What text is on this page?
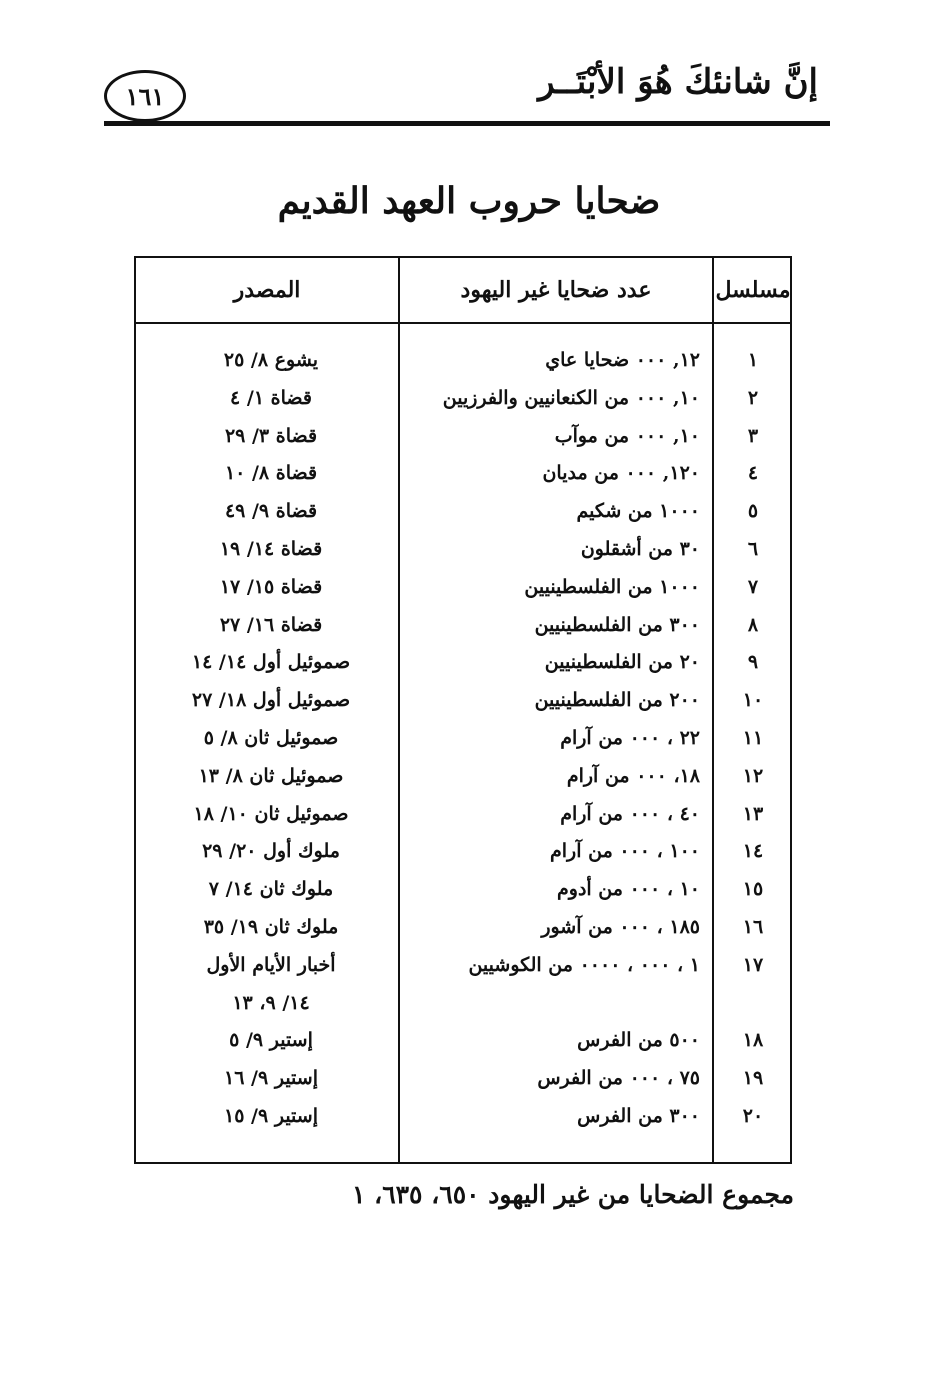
إنَّ شانئكَ هُوَ الأبْتَــر
١٦١
ضحايا حروب العهد القديم
مسلسل
عدد ضحايا غير اليهود
المصدر
١
١٢, ٠٠٠ ضحايا عاي
يشوع ٨/ ٢٥
٢
١٠, ٠٠٠ من الكنعانيين والفرزيين
قضاة ١/ ٤
٣
١٠, ٠٠٠ من موآب
قضاة ٣/ ٢٩
٤
١٢٠, ٠٠٠ من مديان
قضاة ٨/ ١٠
٥
١٠٠٠ من شكيم
قضاة ٩/ ٤٩
٦
٣٠ من أشقلون
قضاة ١٤/ ١٩
٧
١٠٠٠ من الفلسطينيين
قضاة ١٥/ ١٧
٨
٣٠٠ من الفلسطينيين
قضاة ١٦/ ٢٧
٩
٢٠ من الفلسطينيين
صموئيل أول ١٤/ ١٤
١٠
٢٠٠ من الفلسطينيين
صموئيل أول ١٨/ ٢٧
١١
٢٢ ، ٠٠٠ من آرام
صموئيل ثان ٨/ ٥
١٢
١٨، ٠٠٠ من آرام
صموئيل ثان ٨/ ١٣
١٣
٤٠ ، ٠٠٠ من آرام
صموئيل ثان ١٠/ ١٨
١٤
١٠٠ ، ٠٠٠ من آرام
ملوك أول ٢٠/ ٢٩
١٥
١٠ ، ٠٠٠ من أدوم
ملوك ثان ١٤/ ٧
١٦
١٨٥ ، ٠٠٠ من آشور
ملوك ثان ١٩/ ٣٥
١٧
١ ، ٠٠٠ ، ٠٠٠٠ من الكوشيين
أخبار الأيام الأول
١٤/ ٩، ١٣
١٨
٥٠٠ من الفرس
إستير ٩/ ٥
١٩
٧٥ ، ٠٠٠ من الفرس
إستير ٩/ ١٦
٢٠
٣٠٠ من الفرس
إستير ٩/ ١٥
مجموع الضحايا من غير اليهود ٦٥٠، ٦٣٥، ١
